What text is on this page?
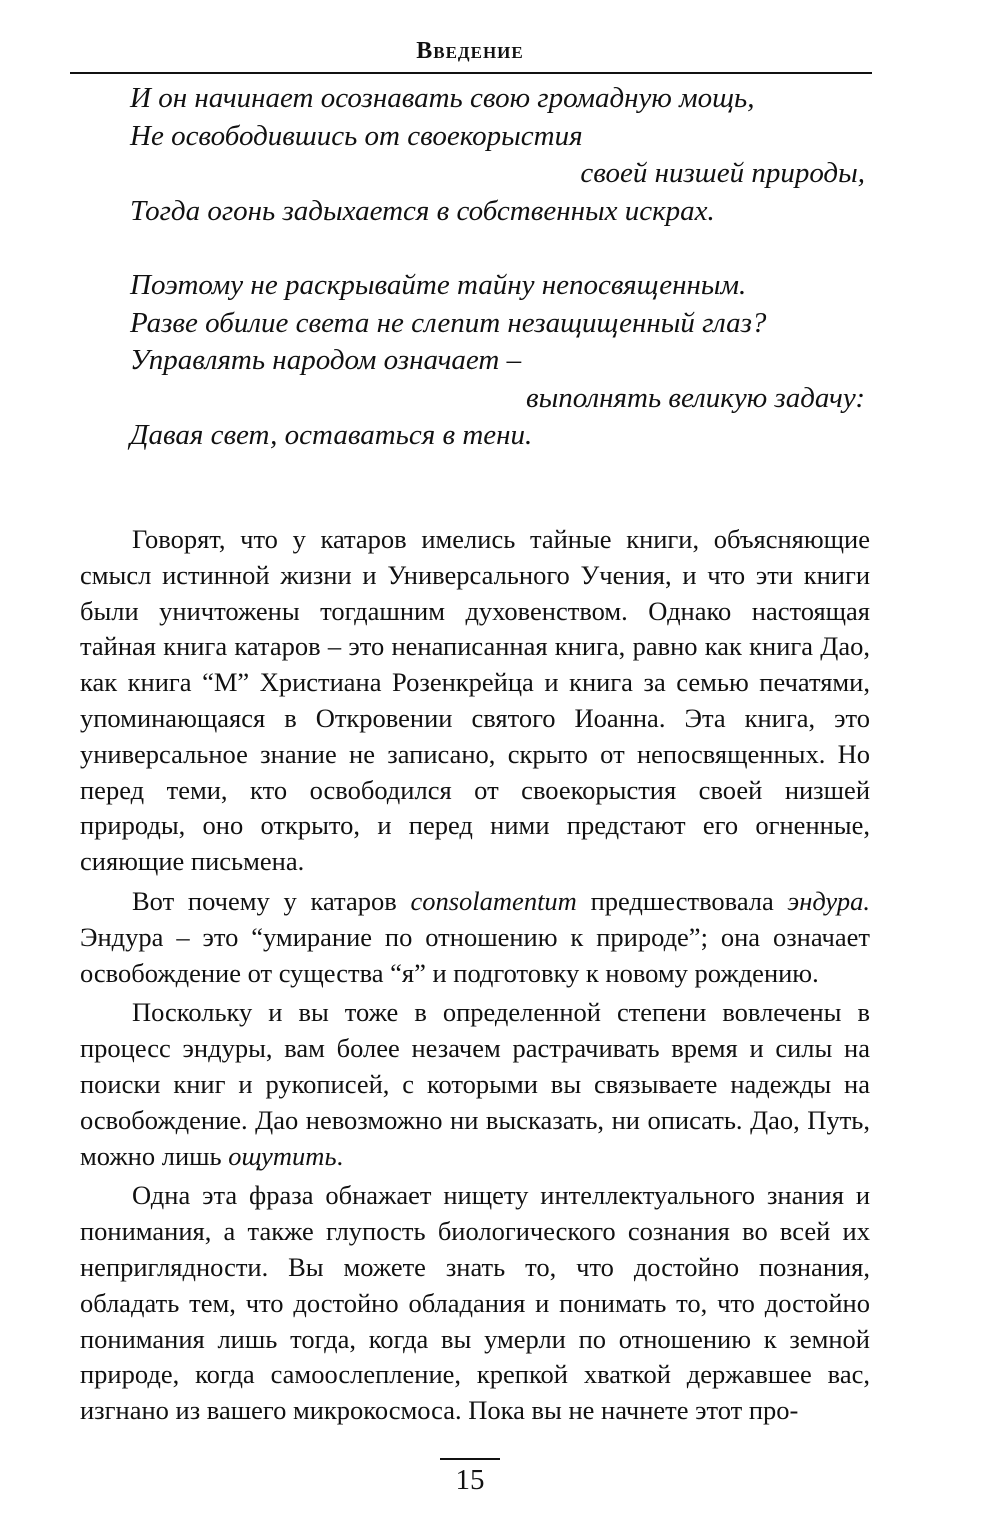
Введение
И он начинает осознавать свою громадную мощь,
Не освободившись от своекорыстия
своей низшей природы,
Тогда огонь задыхается в собственных искрах.
Поэтому не раскрывайте тайну непосвященным.
Разве обилие света не слепит незащищенный глаз?
Управлять народом означает –
выполнять великую задачу:
Давая свет, оставаться в тени.

Говорят, что у катаров имелись тайные книги, объясняющие смысл истинной жизни и Универсального Учения, и что эти книги были уничтожены тогдашним духовенством. Однако настоящая тайная книга катаров – это ненаписанная книга, равно как книга Дао, как книга “М” Христиана Розенкрейца и книга за семью печатями, упоминающаяся в Откровении святого Иоанна. Эта книга, это универсальное знание не записано, скрыто от непосвященных. Но перед теми, кто освободился от своекорыстия своей низшей природы, оно открыто, и перед ними предстают его огненные, сияющие письмена.

Вот почему у катаров consolamentum предшествовала эндура. Эндура – это “умирание по отношению к природе”; она означает освобождение от существа “я” и подготовку к новому рождению.

Поскольку и вы тоже в определенной степени вовлечены в процесс эндуры, вам более незачем растрачивать время и силы на поиски книг и рукописей, с которыми вы связываете надежды на освобождение. Дао невозможно ни высказать, ни описать. Дао, Путь, можно лишь ощутить.

Одна эта фраза обнажает нищету интеллектуального знания и понимания, а также глупость биологического сознания во всей их неприглядности. Вы можете знать то, что достойно познания, обладать тем, что достойно обладания и понимать то, что достойно понимания лишь тогда, когда вы умерли по отношению к земной природе, когда самоослепление, крепкой хваткой державшее вас, изгнано из вашего микрокосмоса. Пока вы не начнете этот про-

15
